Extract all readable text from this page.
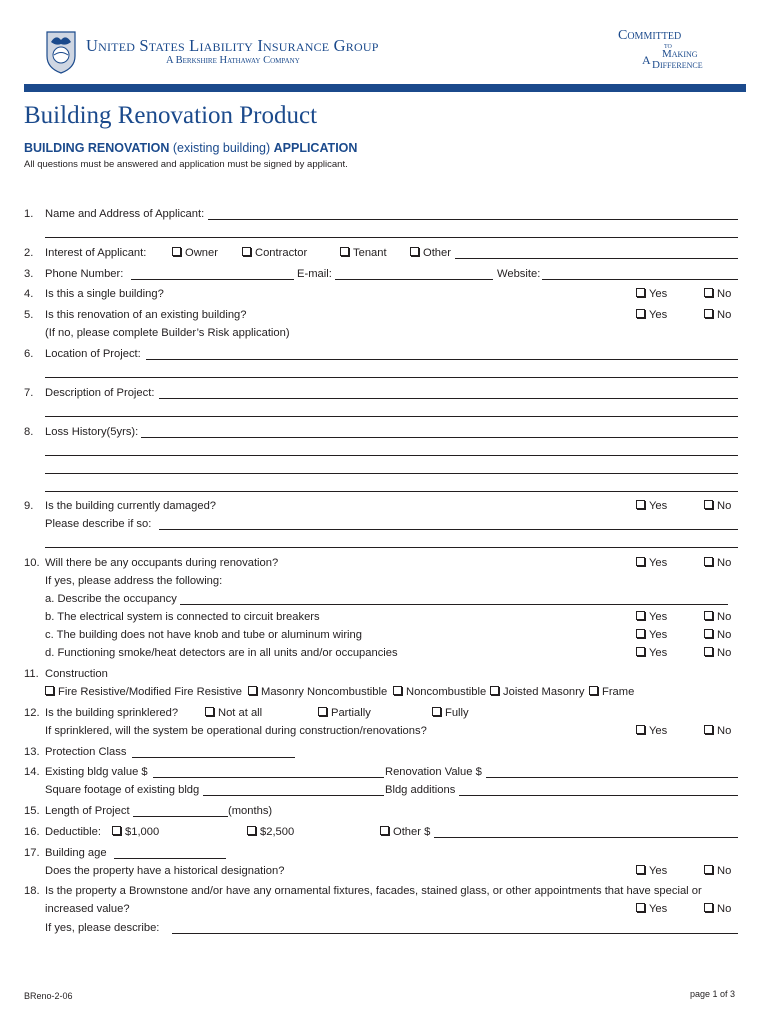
United States Liability Insurance Group
A Berkshire Hathaway Company
Committed
to
A Making
Difference
Building Renovation Product
BUILDING RENOVATION (existing building) APPLICATION
All questions must be answered and application must be signed by applicant.
1. Name and Address of Applicant:
2. Interest of Applicant:	Owner	Contractor	Tenant	Other
3. Phone Number:	E-mail:	Website:
4. Is this a single building?	Yes	No
5. Is this renovation of an existing building?	Yes	No
(If no, please complete Builder’s Risk application)
6. Location of Project:
7. Description of Project:
8. Loss History(5yrs):
9. Is the building currently damaged?	Yes	No
Please describe if so:
10. Will there be any occupants during renovation?	Yes	No
If yes, please address the following:
a. Describe the occupancy
b. The electrical system is connected to circuit breakers	Yes	No
c. The building does not have knob and tube or aluminum wiring	Yes	No
d. Functioning smoke/heat detectors are in all units and/or occupancies	Yes	No
11. Construction
Fire Resistive/Modified Fire Resistive	Masonry Noncombustible	Noncombustible	Joisted Masonry	Frame
12. Is the building sprinklered?	Not at all	Partially	Fully
If sprinklered, will the system be operational during construction/renovations?	Yes	No
13. Protection Class
14. Existing bldg value $	Renovation Value $
Square footage of existing bldg	Bldg additions
15. Length of Project	(months)
16. Deductible:	$1,000	$2,500	Other $
17. Building age
Does the property have a historical designation?	Yes	No
18. Is the property a Brownstone and/or have any ornamental fixtures, facades, stained glass, or other appointments that have special or
increased value?	Yes	No
If yes, please describe:
BReno-2-06	page 1 of 3
